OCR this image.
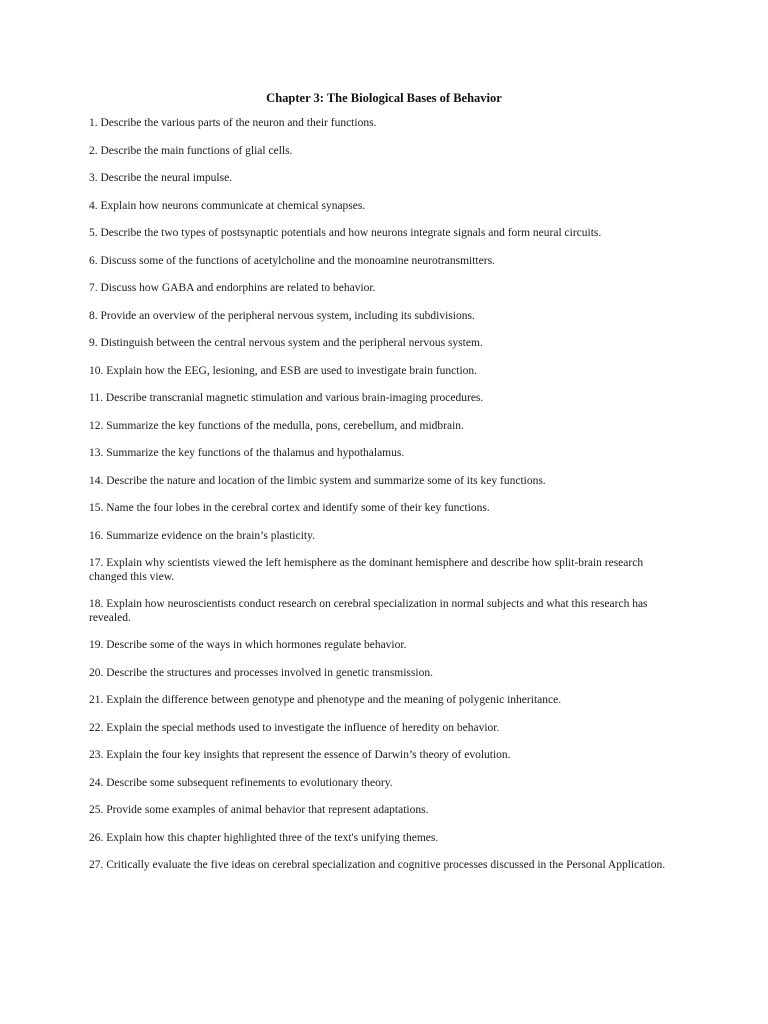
Chapter 3: The Biological Bases of Behavior
1. Describe the various parts of the neuron and their functions.
2. Describe the main functions of glial cells.
3. Describe the neural impulse.
4. Explain how neurons communicate at chemical synapses.
5. Describe the two types of postsynaptic potentials and how neurons integrate signals and form neural circuits.
6. Discuss some of the functions of acetylcholine and the monoamine neurotransmitters.
7. Discuss how GABA and endorphins are related to behavior.
8. Provide an overview of the peripheral nervous system, including its subdivisions.
9. Distinguish between the central nervous system and the peripheral nervous system.
10. Explain how the EEG, lesioning, and ESB are used to investigate brain function.
11. Describe transcranial magnetic stimulation and various brain-imaging procedures.
12. Summarize the key functions of the medulla, pons, cerebellum, and midbrain.
13. Summarize the key functions of the thalamus and hypothalamus.
14. Describe the nature and location of the limbic system and summarize some of its key functions.
15. Name the four lobes in the cerebral cortex and identify some of their key functions.
16. Summarize evidence on the brain’s plasticity.
17. Explain why scientists viewed the left hemisphere as the dominant hemisphere and describe how split-brain research changed this view.
18. Explain how neuroscientists conduct research on cerebral specialization in normal subjects and what this research has revealed.
19. Describe some of the ways in which hormones regulate behavior.
20. Describe the structures and processes involved in genetic transmission.
21. Explain the difference between genotype and phenotype and the meaning of polygenic inheritance.
22. Explain the special methods used to investigate the influence of heredity on behavior.
23. Explain the four key insights that represent the essence of Darwin’s theory of evolution.
24. Describe some subsequent refinements to evolutionary theory.
25. Provide some examples of animal behavior that represent adaptations.
26. Explain how this chapter highlighted three of the text's unifying themes.
27. Critically evaluate the five ideas on cerebral specialization and cognitive processes discussed in the Personal Application.
